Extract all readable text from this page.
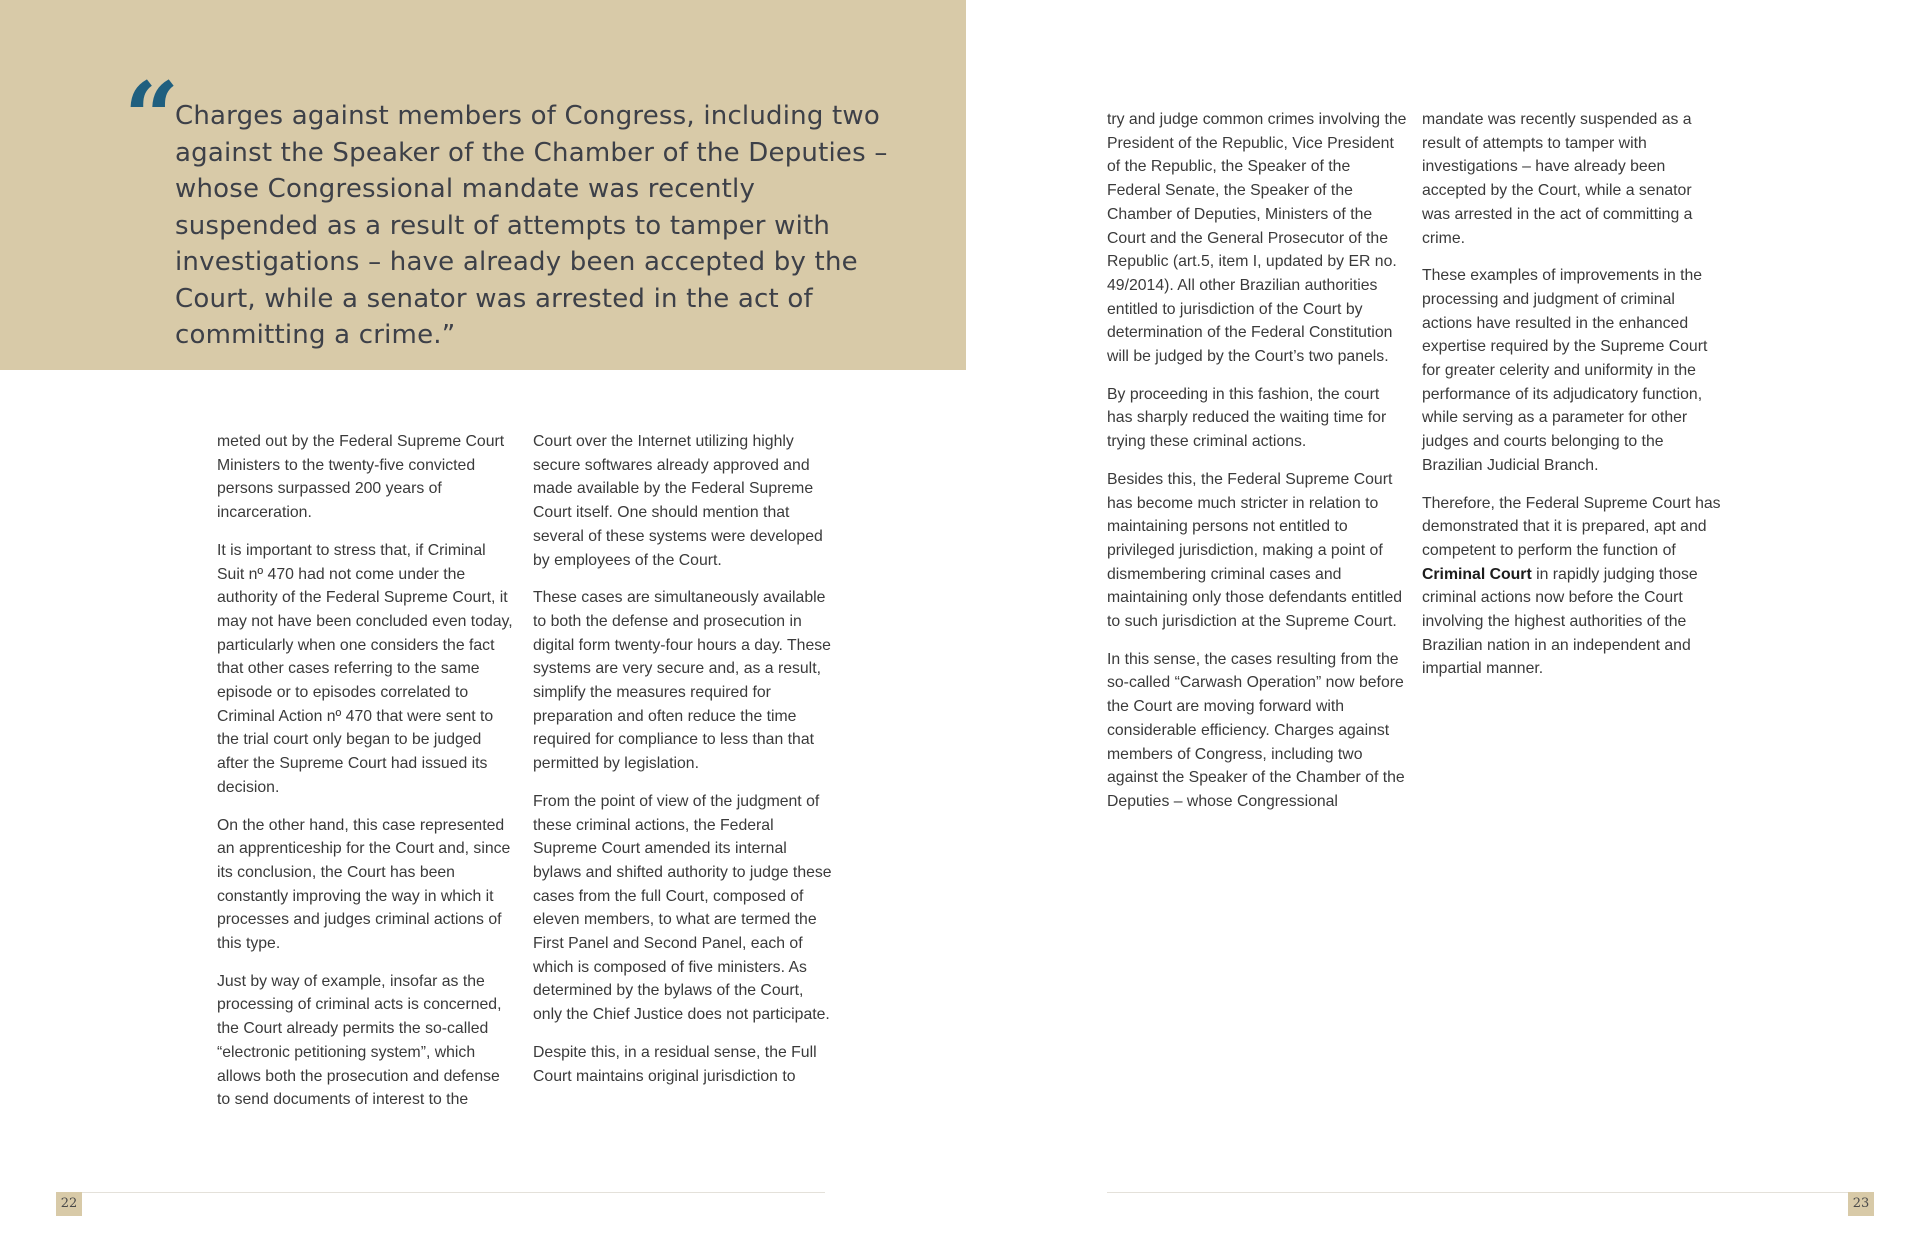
“
Charges against members of Congress, including two against the Speaker of the Chamber of the Deputies – whose Congressional mandate was recently suspended as a result of attempts to tamper with investigations – have already been accepted by the Court, while a senator was arrested in the act of committing a crime.”

meted out by the Federal Supreme Court Ministers to the twenty-five convicted persons surpassed 200 years of incarceration.

It is important to stress that, if Criminal Suit nº 470 had not come under the authority of the Federal Supreme Court, it may not have been concluded even today, particularly when one considers the fact that other cases referring to the same episode or to episodes correlated to Criminal Action nº 470 that were sent to the trial court only began to be judged after the Supreme Court had issued its decision.

On the other hand, this case represented an apprenticeship for the Court and, since its conclusion, the Court has been constantly improving the way in which it processes and judges criminal actions of this type.

Just by way of example, insofar as the processing of criminal acts is concerned, the Court already permits the so-called “electronic petitioning system”, which allows both the prosecution and defense to send documents of interest to the

Court over the Internet utilizing highly secure softwares already approved and made available by the Federal Supreme Court itself. One should mention that several of these systems were developed by employees of the Court.

These cases are simultaneously available to both the defense and prosecution in digital form twenty-four hours a day. These systems are very secure and, as a result, simplify the measures required for preparation and often reduce the time required for compliance to less than that permitted by legislation.

From the point of view of the judgment of these criminal actions, the Federal Supreme Court amended its internal bylaws and shifted authority to judge these cases from the full Court, composed of eleven members, to what are termed the First Panel and Second Panel, each of which is composed of five ministers. As determined by the bylaws of the Court, only the Chief Justice does not participate.

Despite this, in a residual sense, the Full Court maintains original jurisdiction to

22

try and judge common crimes involving the President of the Republic, Vice President of the Republic, the Speaker of the Federal Senate, the Speaker of the Chamber of Deputies, Ministers of the Court and the General Prosecutor of the Republic (art.5, item I, updated by ER no. 49/2014). All other Brazilian authorities entitled to jurisdiction of the Court by determination of the Federal Constitution will be judged by the Court’s two panels.

By proceeding in this fashion, the court has sharply reduced the waiting time for trying these criminal actions.

Besides this, the Federal Supreme Court has become much stricter in relation to maintaining persons not entitled to privileged jurisdiction, making a point of dismembering criminal cases and maintaining only those defendants entitled to such jurisdiction at the Supreme Court.

In this sense, the cases resulting from the so-called “Carwash Operation” now before the Court are moving forward with considerable efficiency. Charges against members of Congress, including two against the Speaker of the Chamber of the Deputies – whose Congressional

mandate was recently suspended as a result of attempts to tamper with investigations – have already been accepted by the Court, while a senator was arrested in the act of committing a crime.

These examples of improvements in the processing and judgment of criminal actions have resulted in the enhanced expertise required by the Supreme Court for greater celerity and uniformity in the performance of its adjudicatory function, while serving as a parameter for other judges and courts belonging to the Brazilian Judicial Branch.

Therefore, the Federal Supreme Court has demonstrated that it is prepared, apt and competent to perform the function of Criminal Court in rapidly judging those criminal actions now before the Court involving the highest authorities of the Brazilian nation in an independent and impartial manner.

23
